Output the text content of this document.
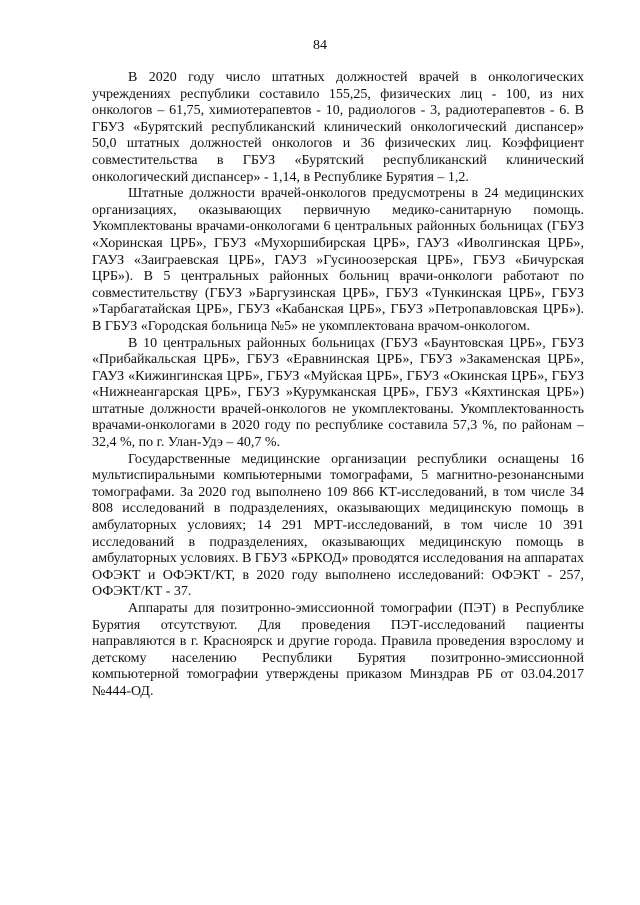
84

В 2020 году число штатных должностей врачей в онкологических учреждениях республики составило 155,25, физических лиц - 100, из них онкологов – 61,75, химиотерапевтов - 10, радиологов - 3, радиотерапевтов - 6. В ГБУЗ «Бурятский республиканский клинический онкологический диспансер» 50,0 штатных должностей онкологов и 36 физических лиц. Коэффициент совместительства в ГБУЗ «Бурятский республиканский клинический онкологический диспансер» - 1,14, в Республике Бурятия – 1,2.

Штатные должности врачей-онкологов предусмотрены в 24 медицинских организациях, оказывающих первичную медико-санитарную помощь. Укомплектованы врачами-онкологами 6 центральных районных больницах (ГБУЗ «Хоринская ЦРБ», ГБУЗ «Мухоршибирская ЦРБ», ГАУЗ «Иволгинская ЦРБ», ГАУЗ «Заиграевская ЦРБ», ГАУЗ »Гусиноозерская ЦРБ», ГБУЗ «Бичурская ЦРБ»). В 5 центральных районных больниц врачи-онкологи работают по совместительству (ГБУЗ »Баргузинская ЦРБ», ГБУЗ «Тункинская ЦРБ», ГБУЗ »Тарбагатайская ЦРБ», ГБУЗ «Кабанская ЦРБ», ГБУЗ »Петропавловская ЦРБ»). В ГБУЗ «Городская больница №5» не укомплектована врачом-онкологом.

В 10 центральных районных больницах (ГБУЗ «Баунтовская ЦРБ», ГБУЗ «Прибайкальская ЦРБ», ГБУЗ «Еравнинская ЦРБ», ГБУЗ »Закаменская ЦРБ», ГАУЗ «Кижингинская ЦРБ», ГБУЗ «Муйская ЦРБ», ГБУЗ «Окинская ЦРБ», ГБУЗ «Нижнеангарская ЦРБ», ГБУЗ »Курумканская ЦРБ», ГБУЗ «Кяхтинская ЦРБ») штатные должности врачей-онкологов не укомплектованы. Укомплектованность врачами-онкологами в 2020 году по республике составила 57,3 %, по районам – 32,4 %, по г. Улан-Удэ – 40,7 %.

Государственные медицинские организации республики оснащены 16 мультиспиральными компьютерными томографами, 5 магнитно-резонансными томографами. За 2020 год выполнено 109 866 КТ-исследований, в том числе 34 808 исследований в подразделениях, оказывающих медицинскую помощь в амбулаторных условиях; 14 291 МРТ-исследований, в том числе 10 391 исследований в подразделениях, оказывающих медицинскую помощь в амбулаторных условиях. В ГБУЗ «БРКОД» проводятся исследования на аппаратах ОФЭКТ и ОФЭКТ/КТ, в 2020 году выполнено исследований: ОФЭКТ - 257, ОФЭКТ/КТ - 37.

Аппараты для позитронно-эмиссионной томографии (ПЭТ) в Республике Бурятия отсутствуют. Для проведения ПЭТ-исследований пациенты направляются в г. Красноярск и другие города. Правила проведения взрослому и детскому населению Республики Бурятия позитронно-эмиссионной компьютерной томографии утверждены приказом Минздрав РБ от 03.04.2017 №444-ОД.
